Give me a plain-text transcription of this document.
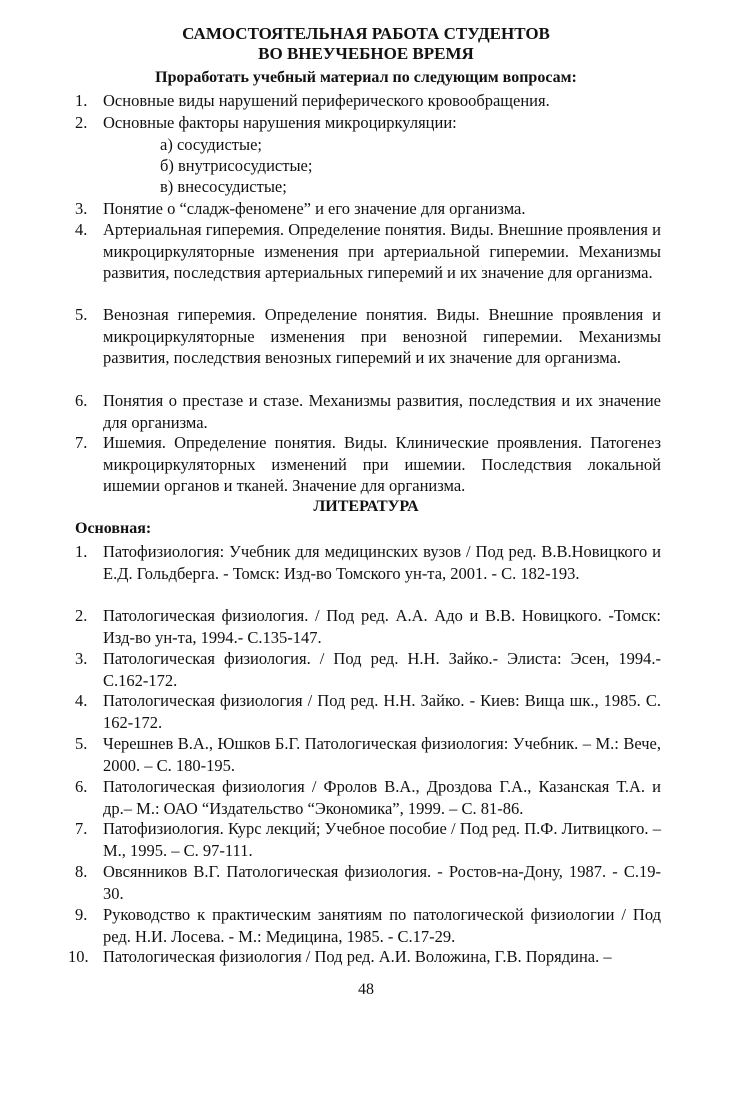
САМОСТОЯТЕЛЬНАЯ РАБОТА СТУДЕНТОВ
ВО ВНЕУЧЕБНОЕ ВРЕМЯ
Проработать учебный материал по следующим вопросам:
1. Основные виды нарушений периферического кровообращения.
2. Основные факторы нарушения микроциркуляции:
а) сосудистые;
б) внутрисосудистые;
в) внесосудистые;
3. Понятие о “сладж-феномене” и его значение для организма.
4. Артериальная гиперемия. Определение понятия. Виды. Внешние проявления и микроциркуляторные изменения при артериальной гиперемии. Механизмы развития, последствия артериальных гиперемий и их значение для организма.
5. Венозная гиперемия. Определение понятия. Виды. Внешние проявления и микроциркуляторные изменения при венозной гиперемии. Механизмы развития, последствия венозных гиперемий и их значение для организма.
6. Понятия о престазе и стазе. Механизмы развития, последствия и их значение для организма.
7. Ишемия. Определение понятия. Виды. Клинические проявления. Патогенез микроциркуляторных изменений при ишемии. Последствия локальной ишемии органов и тканей. Значение для организма.
ЛИТЕРАТУРА
Основная:
1. Патофизиология: Учебник для медицинских вузов / Под ред. В.В.Новицкого и Е.Д. Гольдберга. - Томск: Изд-во Томского ун-та, 2001. - С. 182-193.
2. Патологическая физиология. / Под ред. А.А. Адо и В.В. Новицкого. -Томск: Изд-во ун-та, 1994.- С.135-147.
3. Патологическая физиология. / Под ред. Н.Н. Зайко.- Элиста: Эсен, 1994.- С.162-172.
4. Патологическая физиология / Под ред. Н.Н. Зайко. - Киев: Вища шк., 1985. С. 162-172.
5. Черешнев В.А., Юшков Б.Г. Патологическая физиология: Учебник. – М.: Вече, 2000. – С. 180-195.
6. Патологическая физиология / Фролов В.А., Дроздова Г.А., Казанская Т.А. и др.– М.: ОАО “Издательство “Экономика”, 1999. – С. 81-86.
7. Патофизиология. Курс лекций; Учебное пособие / Под ред. П.Ф. Литвицкого. – М., 1995. – С. 97-111.
8. Овсянников В.Г. Патологическая физиология. - Ростов-на-Дону, 1987. - С.19-30.
9. Руководство к практическим занятиям по патологической физиологии / Под ред. Н.И. Лосева. - М.: Медицина, 1985. - С.17-29.
10. Патологическая физиология / Под ред. А.И. Воложина, Г.В. Порядина. –
48
